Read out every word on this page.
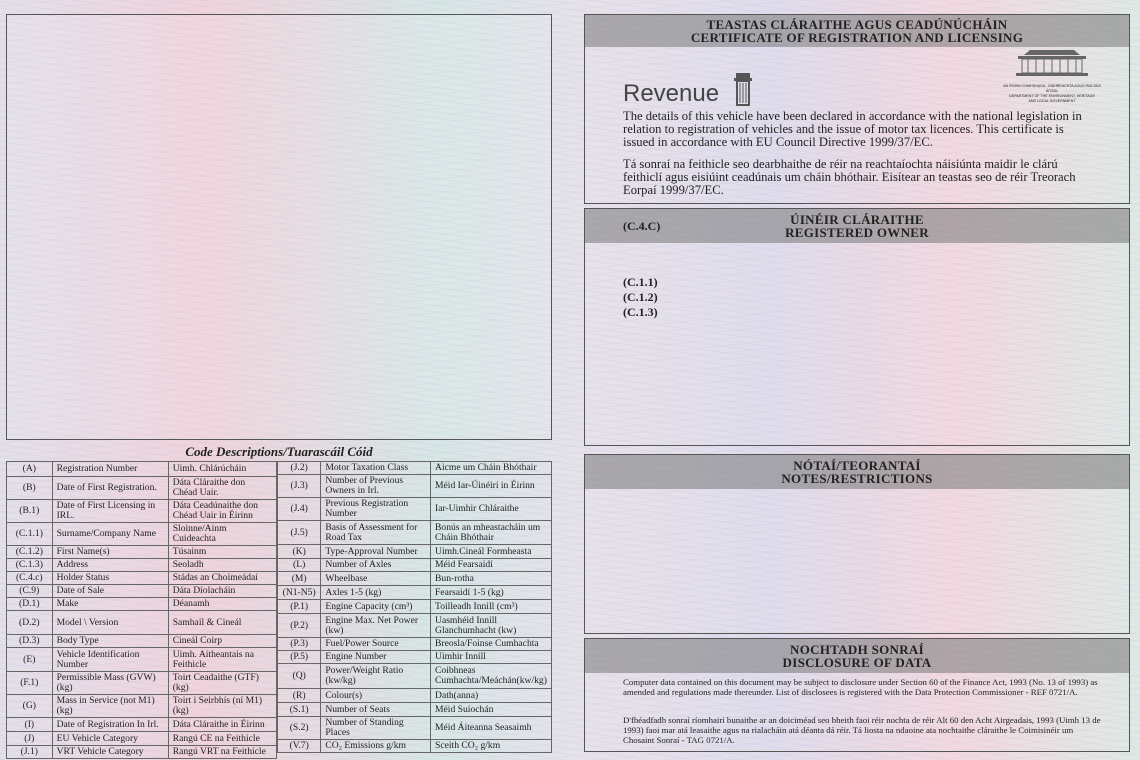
Code Descriptions/Tuarascáil Cóid
(A)	Registration Number	Uimh. Chlárúcháin
(B)	Date of First Registration.	Dáta Cláraithe don Chéad Uair.
(B.1)	Date of First Licensing in IRL.	Dáta Ceadúnaithe don Chéad Uair in Éirinn
(C.1.1)	Surname/Company Name	Sloinne/Ainm Cuideachta
(C.1.2)	First Name(s)	Túsainm
(C.1.3)	Address	Seoladh
(C.4.c)	Holder Status	Stádas an Choimeádaí
(C.9)	Date of Sale	Dáta Díolacháin
(D.1)	Make	Déanamh
(D.2)	Model \ Version	Samhail & Cineál
(D.3)	Body Type	Cineál Coirp
(E)	Vehicle Identification Number	Uimh. Aitheantais na Feithicle
(F.1)	Permissible Mass (GVW) (kg)	Toirt Ceadaithe (GTF) (kg)
(G)	Mass in Service (not M1) (kg)	Toirt i Seirbhís (ní M1) (kg)
(I)	Date of Registration In Irl.	Dáta Cláraithe in Éirinn
(J)	EU Vehicle Category	Rangú CE na Feithicle
(J.1)	VRT Vehicle Category	Rangú VRT na Feithicle
(J.2)	Motor Taxation Class	Aicme um Cháin Bhóthair
(J.3)	Number of Previous Owners in Irl.	Méid Iar-Úinéirí in Éirinn
(J.4)	Previous Registration Number	Iar-Uimhir Chláraithe
(J.5)	Basis of Assessment for Road Tax	Bonús an mheastacháin um Cháin Bhóthair
(K)	Type-Approval Number	Uimh.Cineál Formheasta
(L)	Number of Axles	Méid Fearsaidí
(M)	Wheelbase	Bun-rotha
(N1-N5)	Axles 1-5 (kg)	Fearsaidí 1-5 (kg)
(P.1)	Engine Capacity (cm³)	Toilleadh Innill (cm³)
(P.2)	Engine Max. Net Power (kw)	Uasmhéid Innill Glanchumhacht (kw)
(P.3)	Fuel/Power Source	Breosla/Foinse Cumhachta
(P.5)	Engine Number	Uimhir Innill
(Q)	Power/Weight Ratio (kw/kg)	Coibhneas Cumhachta/Meáchán(kw/kg)
(R)	Colour(s)	Dath(anna)
(S.1)	Number of Seats	Méid Suíochán
(S.2)	Number of Standing Places	Méid Áiteanna Seasaimh
(V.7)	CO₂ Emissions g/km	Sceith CO₂ g/km
TEASTAS CLÁRAITHE AGUS CEADÚNÚCHÁIN
CERTIFICATE OF REGISTRATION AND LICENSING
Revenue	AN ROINN COMHSHAOIL, OIDHREACHTA AGUS RIALTAIS ÁITIÚIL
DEPARTMENT OF THE ENVIRONMENT, HERITAGE
AND LOCAL GOVERNMENT

The details of this vehicle have been declared in accordance with the national legislation in relation to registration of vehicles and the issue of motor tax licences. This certificate is issued in accordance with EU Council Directive 1999/37/EC.

Tá sonraí na feithicle seo dearbhaithe de réir na reachtaíochta náisiúnta maidir le clárú feithiclí agus eisiúint ceadúnais um cháin bhóthair. Eisítear an teastas seo de réir Treorach Eorpaí 1999/37/EC.

(C.4.C)	ÚINÉIR CLÁRAITHE
REGISTERED OWNER
(C.1.1)
(C.1.2)
(C.1.3)
NÓTAÍ/TEORANTAÍ
NOTES/RESTRICTIONS
NOCHTADH SONRAÍ
DISCLOSURE OF DATA

Computer data contained on this document may be subject to disclosure under Section 60 of the Finance Act, 1993 (No. 13 of 1993) as amended and regulations made thereunder. List of disclosees is registered with the Data Protection Commissioner - REF 0721/A.

D'fhéadfadh sonraí ríomhairí bunaithe ar an doiciméad seo bheith faoi réir nochta de réir Alt 60 den Acht Airgeadais, 1993 (Uimh 13 de 1993) faoi mar atá leasaithe agus na rialacháin atá déanta dá réir. Tá liosta na ndaoine ata nochtaithe cláraithe le Coimisinéir um Chosaint Sonraí - TAG 0721/A.
